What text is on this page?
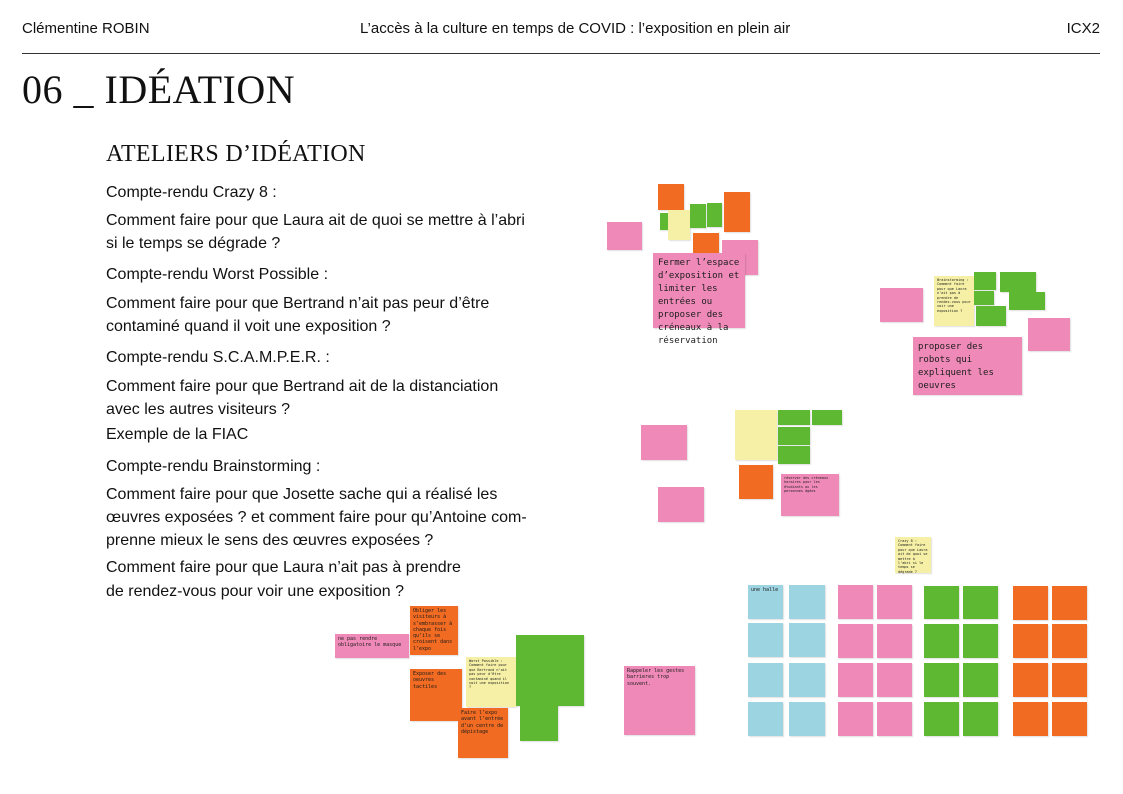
Clémentine ROBIN	L’accès à la culture en temps de COVID : l’exposition en plein air	ICX2
06 _ IDÉATION
ATELIERS D’IDÉATION
Compte-rendu Crazy 8 :
Comment faire pour que Laura ait de quoi se mettre à l’abri
si le temps se dégrade ?
Compte-rendu Worst Possible :
Comment faire pour que Bertrand n’ait pas peur d’être
contaminé quand il voit une exposition ?
Compte-rendu S.C.A.M.P.E.R. :
Comment faire pour que Bertrand ait de la distanciation
avec les autres visiteurs ?
Exemple de la FIAC
Compte-rendu Brainstorming :
Comment faire pour que Josette sache qui a réalisé les
œuvres exposées ? et comment faire pour qu’Antoine com-
prenne mieux le sens des œuvres exposées ?
Comment faire pour que Laura n’ait pas à prendre
de rendez-vous pour voir une exposition ?
Fermer l’espace d’exposition et limiter les entrées ou proposer des créneaux à la réservation
Brainstorming :
Comment faire pour que Laura n’ait pas à prendre de rendez-vous pour voir une exposition ?
proposer des robots qui expliquent les oeuvres
réserver des créneaux horaires pour les étudiants ou les personnes âgées
ne pas rendre obligatoire le masque
Obliger les visiteurs à s’embrasser à chaque fois qu’ils se croisent dans l’expo
Exposer des oeuvres tactiles
Worst Possible :
Comment faire pour que Bertrand n’ait pas peur d’être contaminé quand il voit une exposition ?
Faire l’expo avant l’entrée d’un centre de dépistage
Rappeler les gestes barrieres trop souvent.
Crazy 8 :
Comment faire pour que Laura ait de quoi se mettre à l’abri si le temps se dégrade ?
une halle
